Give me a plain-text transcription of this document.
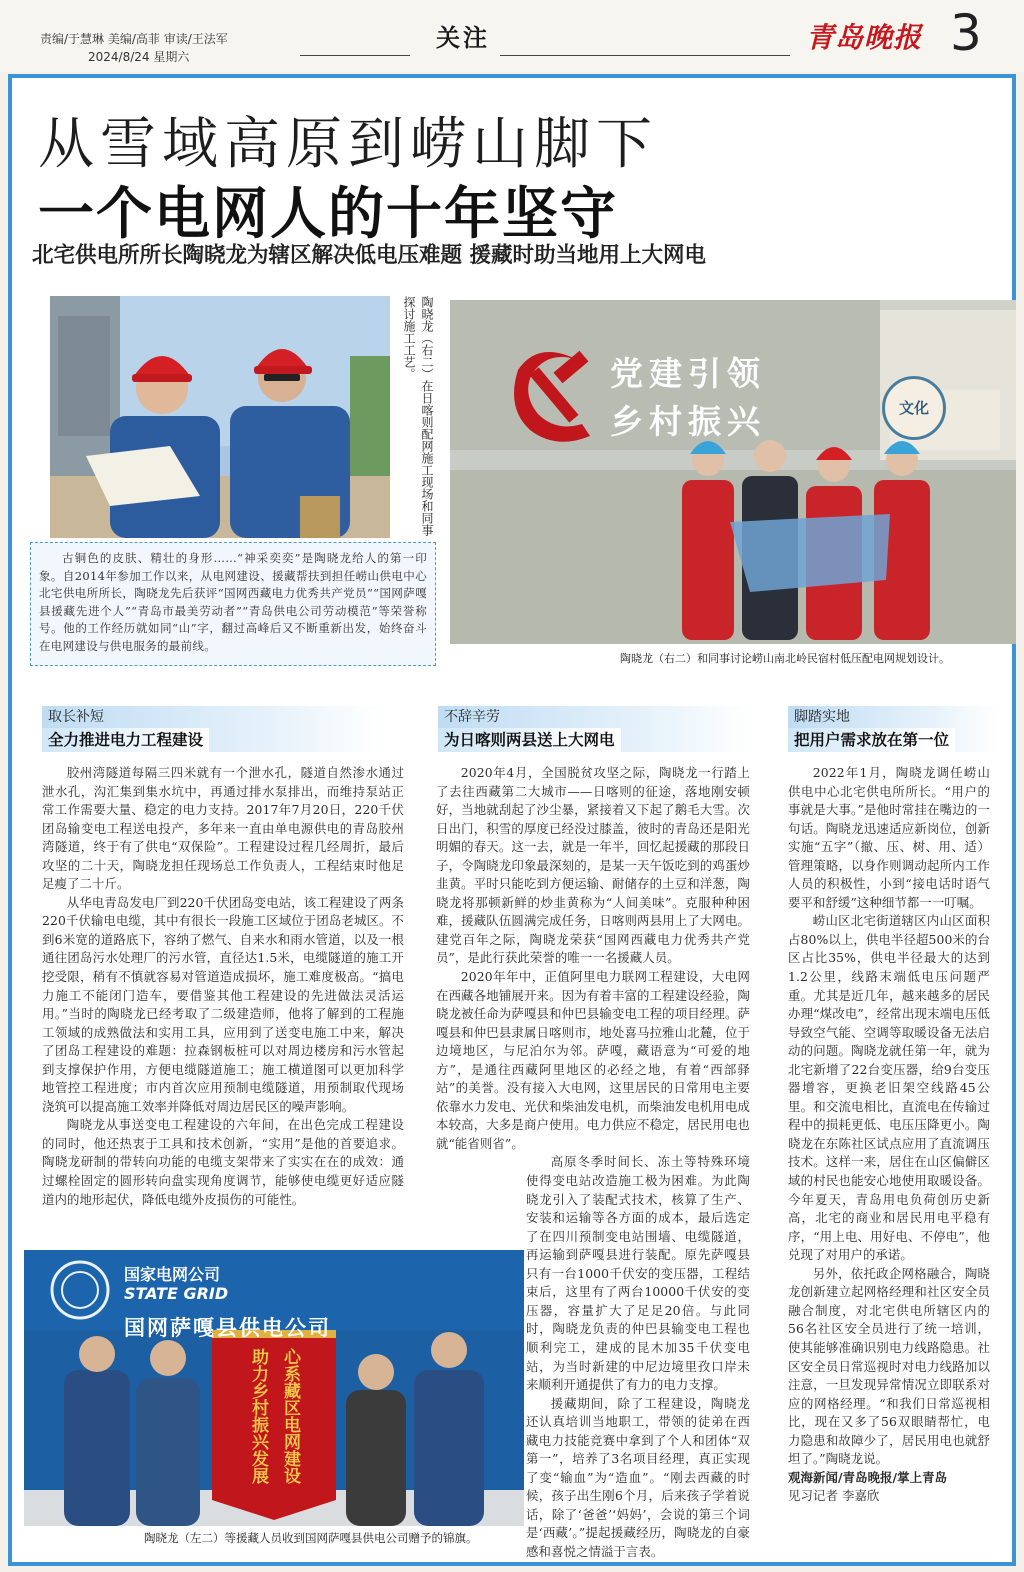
责编/于慧琳 美编/高菲 审读/王法军
2024/8/24 星期六
关注	青岛晚报 3
从雪域高原到崂山脚下
一个电网人的十年坚守
北宅供电所所长陶晓龙为辖区解决低电压难题 援藏时助当地用上大网电
陶晓龙（右二）在日喀则配网施工现场和同事探讨施工工艺。	党建引领
乡村振兴	文化
古铜色的皮肤、精壮的身形……“神采奕奕”是陶晓龙给人的第一印象。自2014年参加工作以来，从电网建设、援藏帮扶到担任崂山供电中心北宅供电所所长，陶晓龙先后获评“国网西藏电力优秀共产党员”“国网萨嘎县援藏先进个人”“青岛市最美劳动者”“青岛供电公司劳动模范”等荣誉称号。他的工作经历就如同“山”字，翻过高峰后又不断重新出发，始终奋斗在电网建设与供电服务的最前线。
陶晓龙（右二）和同事讨论崂山南北岭民宿村低压配电网规划设计。
取长补短
全力推进电力工程建设

胶州湾隧道每隔三四米就有一个泄水孔，隧道自然渗水通过泄水孔，沟汇集到集水坑中，再通过排水泵排出，而维持泵站正常工作需要大量、稳定的电力支持。2017年7月20日，220千伏团岛输变电工程送电投产，多年来一直由单电源供电的青岛胶州湾隧道，终于有了供电“双保险”。工程建设过程几经周折，最后攻坚的二十天，陶晓龙担任现场总工作负责人，工程结束时他足足瘦了二十斤。

从华电青岛发电厂到220千伏团岛变电站，该工程建设了两条220千伏输电电缆，其中有很长一段施工区域位于团岛老城区。不到6米宽的道路底下，容纳了燃气、自来水和雨水管道，以及一根通往团岛污水处理厂的污水管，直径达1.5米，电缆隧道的施工开挖受限，稍有不慎就容易对管道造成损坏，施工难度极高。“搞电力施工不能闭门造车，要借鉴其他工程建设的先进做法灵活运用。”当时的陶晓龙已经考取了二级建造师，他将了解到的工程施工领域的成熟做法和实用工具，应用到了送变电施工中来，解决了团岛工程建设的难题：拉森钢板桩可以对周边楼房和污水管起到支撑保护作用，方便电缆隧道施工；施工横道图可以更加科学地管控工程进度；市内首次应用预制电缆隧道，用预制取代现场浇筑可以提高施工效率并降低对周边居民区的噪声影响。

陶晓龙从事送变电工程建设的六年间，在出色完成工程建设的同时，他还热衷于工具和技术创新，“实用”是他的首要追求。陶晓龙研制的带转向功能的电缆支架带来了实实在在的成效：通过螺栓固定的圆形转向盘实现角度调节，能够使电缆更好适应隧道内的地形起伏，降低电缆外皮损伤的可能性。

不辞辛劳
为日喀则两县送上大网电

2020年4月，全国脱贫攻坚之际，陶晓龙一行踏上了去往西藏第二大城市——日喀则的征途，落地刚安顿好，当地就刮起了沙尘暴，紧接着又下起了鹅毛大雪。次日出门，积雪的厚度已经没过膝盖，彼时的青岛还是阳光明媚的春天。这一去，就是一年半，回忆起援藏的那段日子，令陶晓龙印象最深刻的，是某一天午饭吃到的鸡蛋炒韭黄。平时只能吃到方便运输、耐储存的土豆和洋葱，陶晓龙将那顿新鲜的炒韭黄称为“人间美味”。克服种种困难，援藏队伍圆满完成任务，日喀则两县用上了大网电。建党百年之际，陶晓龙荣获“国网西藏电力优秀共产党员”，是此行获此荣誉的唯一一名援藏人员。

2020年年中，正值阿里电力联网工程建设，大电网在西藏各地铺展开来。因为有着丰富的工程建设经验，陶晓龙被任命为萨嘎县和仲巴县输变电工程的项目经理。萨嘎县和仲巴县隶属日喀则市，地处喜马拉雅山北麓，位于边境地区，与尼泊尔为邻。萨嘎，藏语意为“可爱的地方”，是通往西藏阿里地区的必经之地，有着“西部驿站”的美誉。没有接入大电网，这里居民的日常用电主要依靠水力发电、光伏和柴油发电机，而柴油发电机用电成本较高，大多是商户使用。电力供应不稳定，居民用电也就“能省则省”。

高原冬季时间长、冻土等特殊环境使得变电站改造施工极为困难。为此陶晓龙引入了装配式技术，核算了生产、安装和运输等各方面的成本，最后选定了在四川预制变电站围墙、电缆隧道，再运输到萨嘎县进行装配。原先萨嘎县只有一台1000千伏安的变压器，工程结束后，这里有了两台10000千伏安的变压器，容量扩大了足足20倍。与此同时，陶晓龙负责的仲巴县输变电工程也顺利完工，建成的昆木加35千伏变电站，为当时新建的中尼边境里孜口岸未来顺利开通提供了有力的电力支撑。

援藏期间，除了工程建设，陶晓龙还认真培训当地职工，带领的徒弟在西藏电力技能竞赛中拿到了个人和团体“双第一”，培养了3名项目经理，真正实现了变“输血”为“造血”。“刚去西藏的时候，孩子出生刚6个月，后来孩子学着说话，除了‘爸爸’‘妈妈’，会说的第三个词是‘西藏’。”提起援藏经历，陶晓龙的自豪感和喜悦之情溢于言表。

脚踏实地
把用户需求放在第一位

2022年1月，陶晓龙调任崂山供电中心北宅供电所所长。“用户的事就是大事。”是他时常挂在嘴边的一句话。陶晓龙迅速适应新岗位，创新实施“五字”（撤、压、树、用、适）管理策略，以身作则调动起所内工作人员的积极性，小到“接电话时语气要平和舒缓”这种细节都一一叮嘱。

崂山区北宅街道辖区内山区面积占80%以上，供电半径超500米的台区占比35%，供电半径最大的达到1.2公里，线路末端低电压问题严重。尤其是近几年，越来越多的居民办理“煤改电”，经常出现末端电压低导致空气能、空调等取暖设备无法启动的问题。陶晓龙就任第一年，就为北宅新增了22台变压器，给9台变压器增容，更换老旧架空线路45公里。和交流电相比，直流电在传输过程中的损耗更低、电压压降更小。陶晓龙在东陈社区试点应用了直流调压技术。这样一来，居住在山区偏僻区域的村民也能安心地使用取暖设备。今年夏天，青岛用电负荷创历史新高，北宅的商业和居民用电平稳有序，“用上电、用好电、不停电”，他兑现了对用户的承诺。

另外，依托政企网格融合，陶晓龙创新建立起网格经理和社区安全员融合制度，对北宅供电所辖区内的56名社区安全员进行了统一培训，使其能够准确识别电力线路隐患。社区安全员日常巡视时对电力线路加以注意，一旦发现异常情况立即联系对应的网格经理。“和我们日常巡视相比，现在又多了56双眼睛帮忙，电力隐患和故障少了，居民用电也就舒坦了。”陶晓龙说。

观海新闻/青岛晚报/掌上青岛

见习记者 李嘉欣

国家电网公司
STATE GRID
国网萨嘎县供电公司
心系藏区电网建设
助力乡村振兴发展
陶晓龙（左二）等援藏人员收到国网萨嘎县供电公司赠予的锦旗。
